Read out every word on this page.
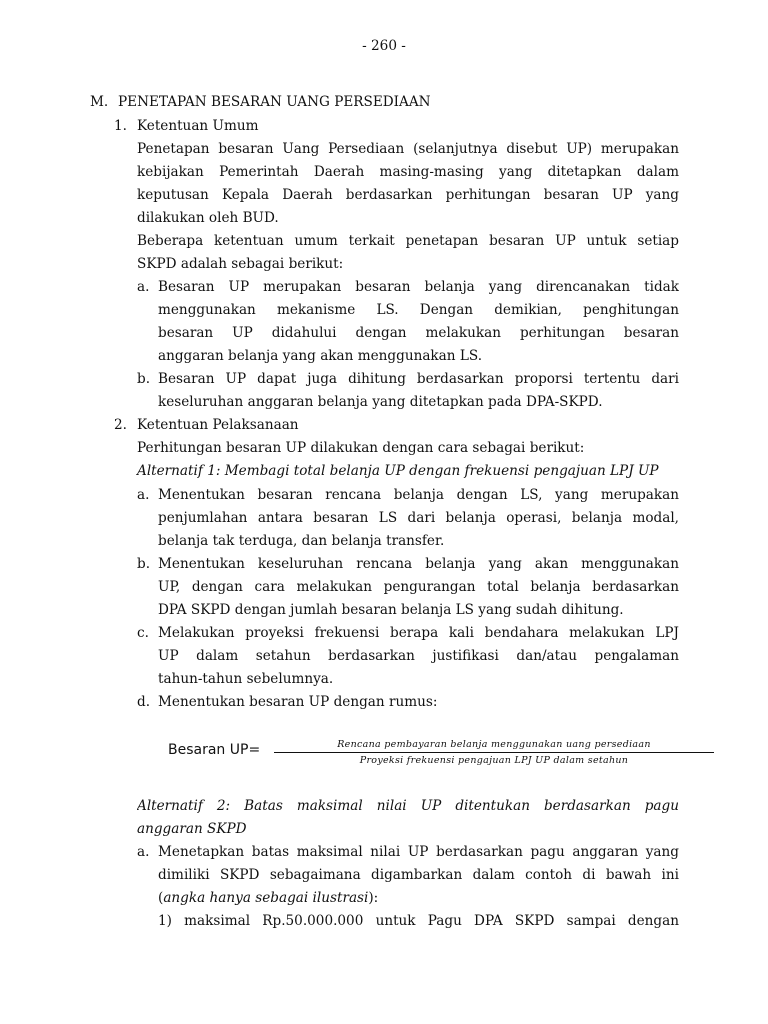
- 260 -
M. PENETAPAN BESARAN UANG PERSEDIAAN
1. Ketentuan Umum
Penetapan besaran Uang Persediaan (selanjutnya disebut UP) merupakan
kebijakan Pemerintah Daerah masing-masing yang ditetapkan dalam
keputusan Kepala Daerah berdasarkan perhitungan besaran UP yang
dilakukan oleh BUD.
Beberapa ketentuan umum terkait penetapan besaran UP untuk setiap
SKPD adalah sebagai berikut:
a. Besaran UP merupakan besaran belanja yang direncanakan tidak
menggunakan mekanisme LS. Dengan demikian, penghitungan
besaran UP didahului dengan melakukan perhitungan besaran
anggaran belanja yang akan menggunakan LS.
b. Besaran UP dapat juga dihitung berdasarkan proporsi tertentu dari
keseluruhan anggaran belanja yang ditetapkan pada DPA-SKPD.
2. Ketentuan Pelaksanaan
Perhitungan besaran UP dilakukan dengan cara sebagai berikut:
Alternatif 1: Membagi total belanja UP dengan frekuensi pengajuan LPJ UP
a. Menentukan besaran rencana belanja dengan LS, yang merupakan
penjumlahan antara besaran LS dari belanja operasi, belanja modal,
belanja tak terduga, dan belanja transfer.
b. Menentukan keseluruhan rencana belanja yang akan menggunakan
UP, dengan cara melakukan pengurangan total belanja berdasarkan
DPA SKPD dengan jumlah besaran belanja LS yang sudah dihitung.
c. Melakukan proyeksi frekuensi berapa kali bendahara melakukan LPJ
UP dalam setahun berdasarkan justifikasi dan/atau pengalaman
tahun-tahun sebelumnya.
d. Menentukan besaran UP dengan rumus:
Besaran UP=	Rencana pembayaran belanja menggunakan uang persediaan
Proyeksi frekuensi pengajuan LPJ UP dalam setahun
Alternatif 2: Batas maksimal nilai UP ditentukan berdasarkan pagu
anggaran SKPD
a. Menetapkan batas maksimal nilai UP berdasarkan pagu anggaran yang
dimiliki SKPD sebagaimana digambarkan dalam contoh di bawah ini
(angka hanya sebagai ilustrasi):
1) maksimal Rp.50.000.000 untuk Pagu DPA SKPD sampai dengan
